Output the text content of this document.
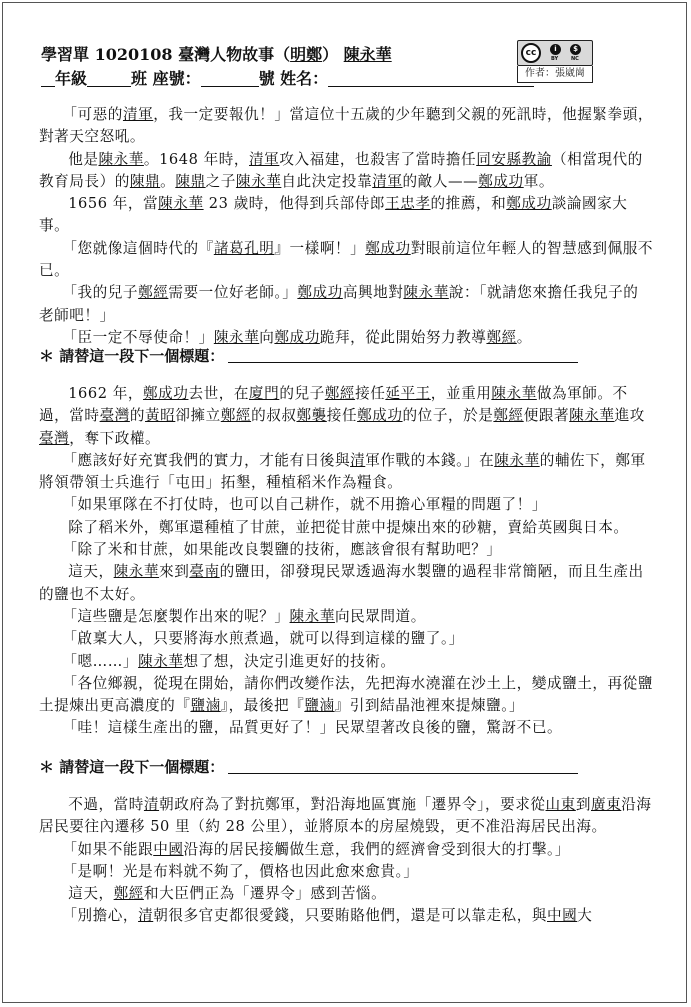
學習單 1020108 臺灣人物故事（明鄭） 陳永華
年級	班 座號：	號 姓名：
cc	i	$
BY	NC
作者：張崴崗

「可惡的清軍，我一定要報仇！」當這位十五歲的少年聽到父親的死訊時，他握緊拳頭，對著天空怒吼。

他是陳永華。1648 年時，清軍攻入福建，也殺害了當時擔任同安縣教諭（相當現代的教育局長）的陳鼎。陳鼎之子陳永華自此決定投靠清軍的敵人——鄭成功軍。

1656 年，當陳永華 23 歲時，他得到兵部侍郎王忠孝的推薦，和鄭成功談論國家大事。

「您就像這個時代的『諸葛孔明』一樣啊！」鄭成功對眼前這位年輕人的智慧感到佩服不已。

「我的兒子鄭經需要一位好老師。」鄭成功高興地對陳永華說：「就請您來擔任我兒子的老師吧！」

「臣一定不辱使命！」陳永華向鄭成功跪拜，從此開始努力教導鄭經。

＊ 請替這一段下一個標題：

1662 年，鄭成功去世，在廈門的兒子鄭經接任延平王，並重用陳永華做為軍師。不過，當時臺灣的黃昭卻擁立鄭經的叔叔鄭襲接任鄭成功的位子，於是鄭經便跟著陳永華進攻臺灣，奪下政權。

「應該好好充實我們的實力，才能有日後與清軍作戰的本錢。」在陳永華的輔佐下，鄭軍將領帶領士兵進行「屯田」拓墾，種植稻米作為糧食。

「如果軍隊在不打仗時，也可以自己耕作，就不用擔心軍糧的問題了！」

除了稻米外，鄭軍還種植了甘蔗，並把從甘蔗中提煉出來的砂糖，賣給英國與日本。

「除了米和甘蔗，如果能改良製鹽的技術，應該會很有幫助吧？」

這天，陳永華來到臺南的鹽田，卻發現民眾透過海水製鹽的過程非常簡陋，而且生產出的鹽也不太好。

「這些鹽是怎麼製作出來的呢？」陳永華向民眾問道。

「啟稟大人，只要將海水煎煮過，就可以得到這樣的鹽了。」

「嗯……」陳永華想了想，決定引進更好的技術。

「各位鄉親，從現在開始，請你們改變作法，先把海水澆灌在沙土上，變成鹽土，再從鹽土提煉出更高濃度的『鹽滷』，最後把『鹽滷』引到結晶池裡來提煉鹽。」

「哇！這樣生產出的鹽，品質更好了！」民眾望著改良後的鹽，驚訝不已。

＊ 請替這一段下一個標題：

不過，當時清朝政府為了對抗鄭軍，對沿海地區實施「遷界令」，要求從山東到廣東沿海居民要往內遷移 50 里（約 28 公里），並將原本的房屋燒毀，更不准沿海居民出海。

「如果不能跟中國沿海的居民接觸做生意，我們的經濟會受到很大的打擊。」

「是啊！光是布料就不夠了，價格也因此愈來愈貴。」

這天，鄭經和大臣們正為「遷界令」感到苦惱。

「別擔心，清朝很多官吏都很愛錢，只要賄賂他們，還是可以靠走私，與中國大
